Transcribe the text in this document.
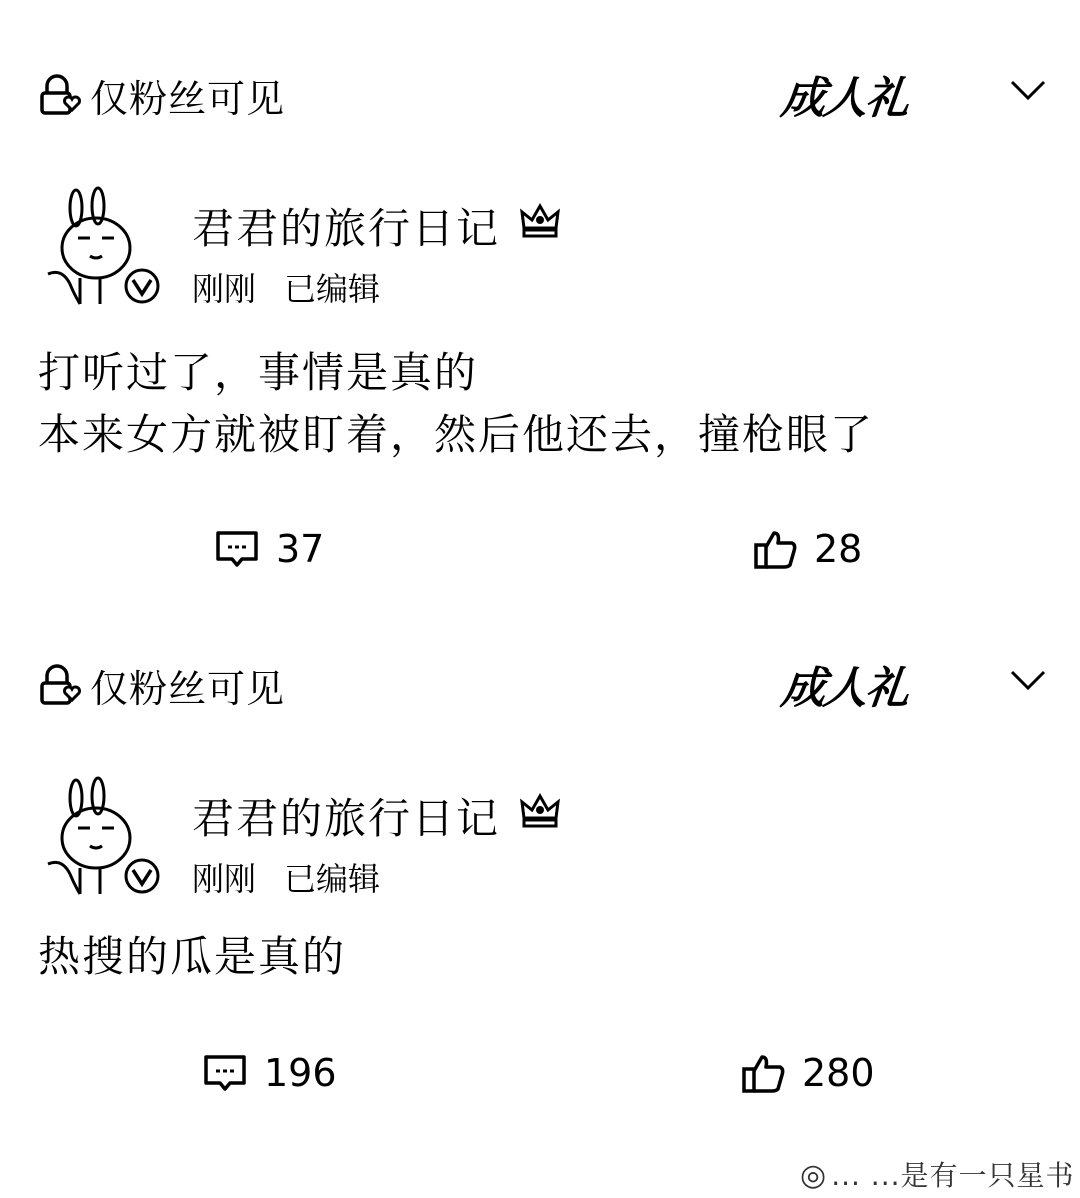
仅粉丝可见	成人礼
君君的旅行日记
刚刚 已编辑
打听过了，事情是真的
本来女方就被盯着，然后他还去，撞枪眼了
37	28
仅粉丝可见	成人礼
君君的旅行日记
刚刚 已编辑
热搜的瓜是真的
196	280
◎ ... ...是有一只星书
